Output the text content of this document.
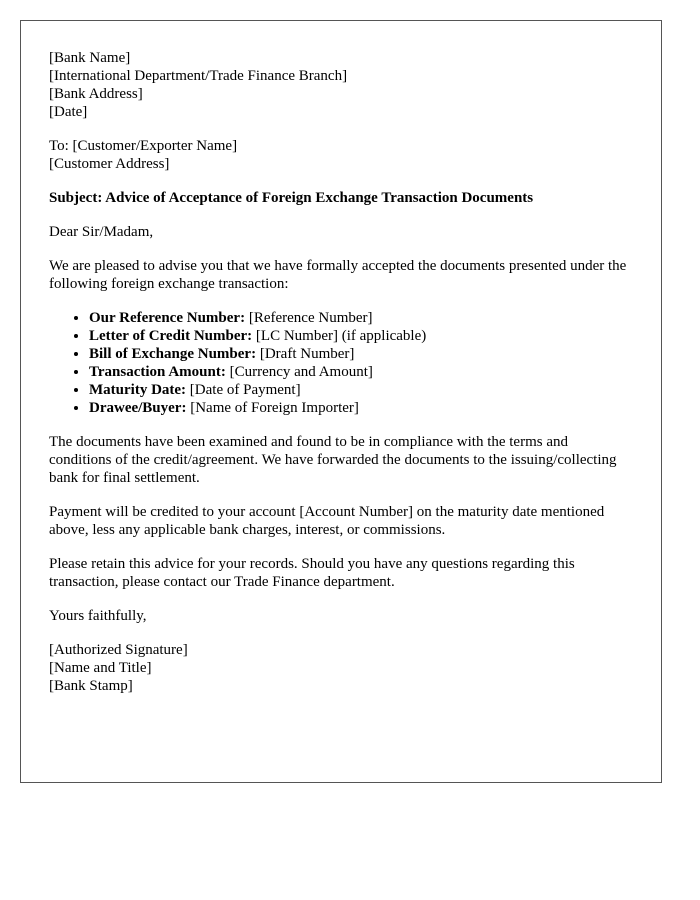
[Bank Name]
[International Department/Trade Finance Branch]
[Bank Address]
[Date]

To: [Customer/Exporter Name]
[Customer Address]

Subject: Advice of Acceptance of Foreign Exchange Transaction Documents

Dear Sir/Madam,

We are pleased to advise you that we have formally accepted the documents presented under the following foreign exchange transaction:

• Our Reference Number: [Reference Number]
• Letter of Credit Number: [LC Number] (if applicable)
• Bill of Exchange Number: [Draft Number]
• Transaction Amount: [Currency and Amount]
• Maturity Date: [Date of Payment]
• Drawee/Buyer: [Name of Foreign Importer]

The documents have been examined and found to be in compliance with the terms and conditions of the credit/agreement. We have forwarded the documents to the issuing/collecting bank for final settlement.

Payment will be credited to your account [Account Number] on the maturity date mentioned above, less any applicable bank charges, interest, or commissions.

Please retain this advice for your records. Should you have any questions regarding this transaction, please contact our Trade Finance department.

Yours faithfully,

[Authorized Signature]
[Name and Title]
[Bank Stamp]
